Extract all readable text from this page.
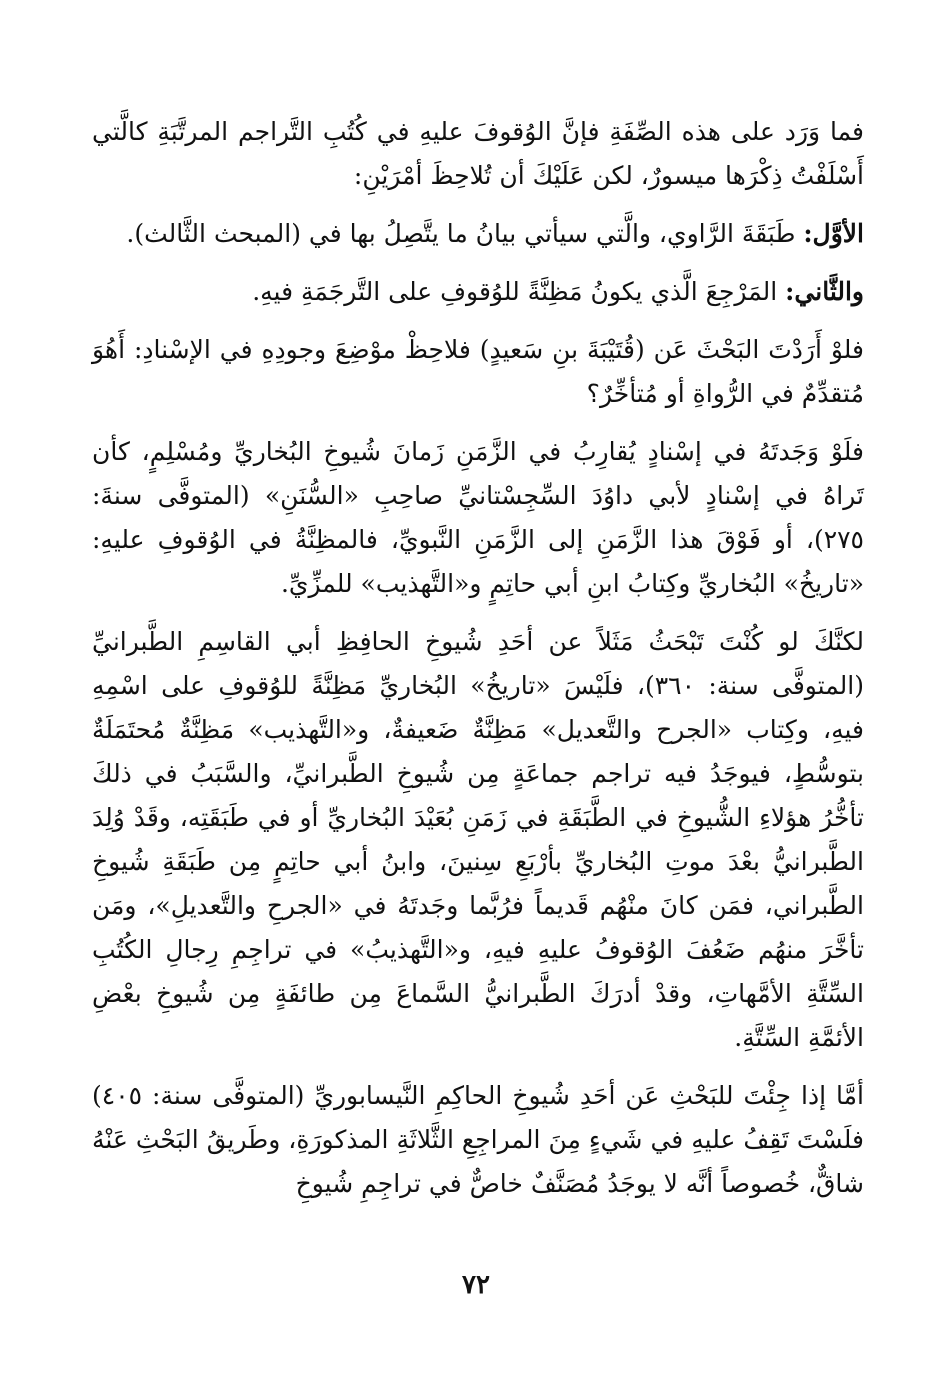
فما وَرَد على هذه الصِّفَةِ فإنَّ الوُقوفَ عليهِ في كُتُبِ التَّراجم المرتَّبَةِ كالَّتي أَسْلَفْتُ ذِكْرَها ميسورٌ، لكن عَلَيْكَ أن تُلاحِظَ أمْرَيْنِ:

الأوَّل: طَبَقَةَ الرَّاوي، والَّتي سيأتي بيانُ ما يتَّصِلُ بها في (المبحث الثَّالث).

والثَّاني: المَرْجِعَ الَّذي يكونُ مَظِنَّةً للوُقوفِ على التَّرجَمَةِ فيهِ.

فلوْ أَرَدْتَ البَحْثَ عَن (قُتَيْبَةَ بنِ سَعيدٍ) فلاحِظْ موْضِعَ وجودِهِ في الإسْنادِ: أَهُوَ مُتقدِّمٌ في الرُّواةِ أو مُتأخِّرٌ؟

فلَوْ وَجَدتَهُ في إسْنادٍ يُقارِبُ في الزَّمَنِ زَمانَ شُيوخِ البُخاريِّ ومُسْلِمٍ، كأن تَراهُ في إسْنادٍ لأبي داوُدَ السِّجِسْتانيِّ صاحِبِ «السُّنَنِ» (المتوفَّى سنةَ: ٢٧٥)، أو فَوْقَ هذا الزَّمَنِ إلى الزَّمَنِ النَّبويِّ، فالمظِنَّةُ في الوُقوفِ عليهِ: «تاريخُ» البُخاريِّ وكِتابُ ابنِ أبي حاتِمٍ و«التَّهذيب» للمزِّيِّ.

لكنَّكَ لو كُنْتَ تَبْحَثُ مَثَلاً عن أحَدِ شُيوخِ الحافِظِ أبي القاسِمِ الطَّبرانيِّ (المتوفَّى سنة: ٣٦٠)، فلَيْسَ «تاريخُ» البُخاريِّ مَظِنَّةً للوُقوفِ على اسْمِهِ فيهِ، وكِتاب «الجرح والتَّعديل» مَظِنَّةٌ ضَعيفةٌ، و«التَّهذيب» مَظِنَّةٌ مُحتَمَلَةٌ بتوسُّطٍ، فيوجَدُ فيه تراجم جماعَةٍ مِن شُيوخِ الطَّبرانيِّ، والسَّبَبُ في ذلكَ تأخُّرُ هؤلاءِ الشُّيوخِ في الطَّبَقَةِ في زَمَنِ بُعَيْدَ البُخاريِّ أو في طَبَقَتِه، وقَدْ وُلِدَ الطَّبرانيُّ بعْدَ موتِ البُخاريِّ بأرْبَعِ سِنينَ، وابنُ أبي حاتِمٍ مِن طَبَقَةِ شُيوخِ الطَّبراني، فمَن كانَ منْهُم قَديماً فرُبَّما وجَدتَهُ في «الجرحِ والتَّعديلِ»، ومَن تأخَّرَ منهُم ضَعُفَ الوُقوفُ عليهِ فيهِ، و«التَّهذيبُ» في تراجِمِ رِجالِ الكُتُبِ السِّتَّةِ الأمَّهاتِ، وقدْ أدرَكَ الطَّبرانيُّ السَّماعَ مِن طائفَةٍ مِن شُيوخِ بعْضِ الأئمَّةِ السِّتَّةِ.

أمَّا إذا جِئْتَ للبَحْثِ عَن أحَدِ شُيوخِ الحاكِمِ النَّيسابوريِّ (المتوفَّى سنة: ٤٠٥) فلَسْتَ تَقِفُ عليهِ في شَيءٍ مِنَ المراجِعِ الثَّلاثَةِ المذكورَةِ، وطَريقُ البَحْثِ عَنْهُ شاقٌّ، خُصوصاً أنَّه لا يوجَدُ مُصَنَّفٌ خاصٌّ في تراجِمِ شُيوخِ

٧٢
